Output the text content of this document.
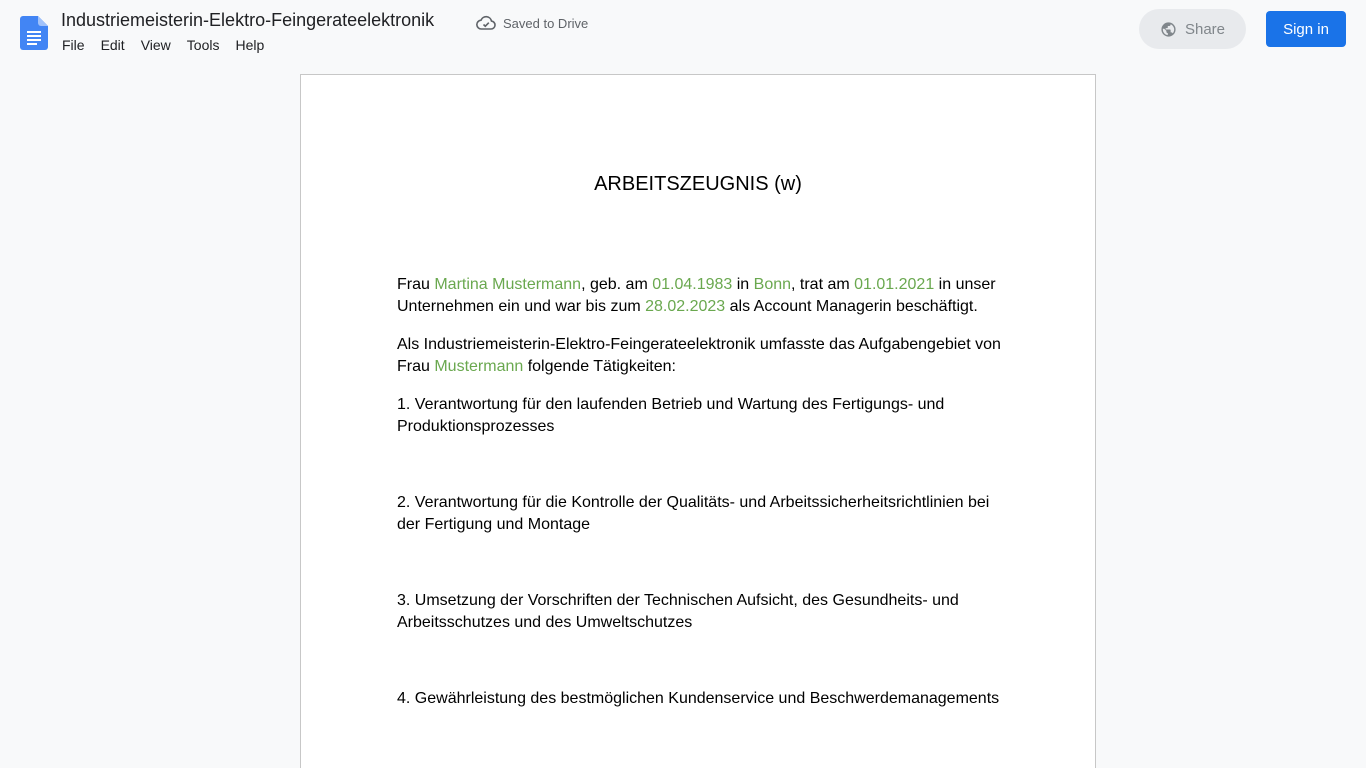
Industriemeisterin-Elektro-Feingerateelektronik	Saved to Drive
File	Edit	View	Tools	Help
Share	Sign in
ARBEITSZEUGNIS (w)

Frau Martina Mustermann, geb. am 01.04.1983 in Bonn, trat am 01.01.2021 in unser Unternehmen ein und war bis zum 28.02.2023 als Account Managerin beschäftigt.

Als Industriemeisterin-Elektro-Feingerateelektronik umfasste das Aufgabengebiet von Frau Mustermann folgende Tätigkeiten:

1. Verantwortung für den laufenden Betrieb und Wartung des Fertigungs- und Produktionsprozesses

2. Verantwortung für die Kontrolle der Qualitäts- und Arbeitssicherheitsrichtlinien bei der Fertigung und Montage

3. Umsetzung der Vorschriften der Technischen Aufsicht, des Gesundheits- und Arbeitsschutzes und des Umweltschutzes

4. Gewährleistung des bestmöglichen Kundenservice und Beschwerdemanagements
